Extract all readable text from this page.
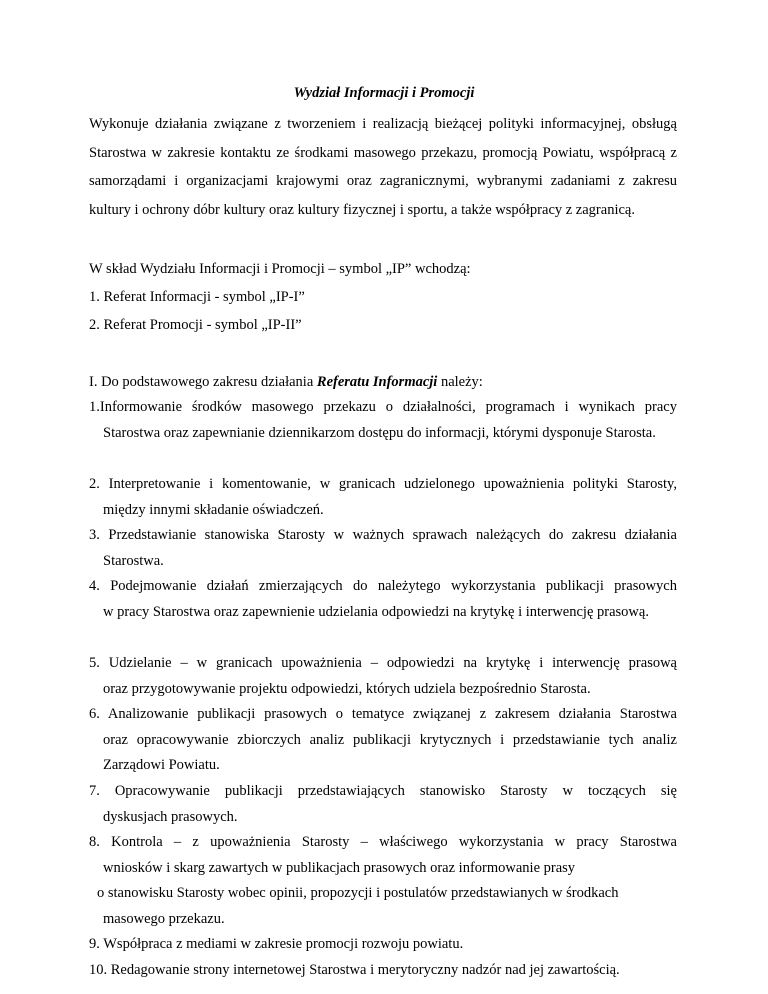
Wydział Informacji i Promocji
Wykonuje działania związane z tworzeniem i realizacją bieżącej polityki informacyjnej, obsługą Starostwa w zakresie kontaktu ze środkami masowego przekazu, promocją Powiatu, współpracą z samorządami i organizacjami krajowymi oraz zagranicznymi, wybranymi zadaniami z zakresu kultury i ochrony dóbr kultury oraz kultury fizycznej i sportu, a także współpracy z zagranicą.
W skład Wydziału Informacji i Promocji – symbol „IP” wchodzą:
1. Referat Informacji - symbol „IP-I”
2. Referat Promocji - symbol „IP-II”
I. Do podstawowego zakresu działania Referatu Informacji należy:
1.Informowanie środków masowego przekazu o działalności, programach i wynikach pracy
Starostwa oraz zapewnianie dziennikarzom dostępu do informacji, którymi dysponuje Starosta.
2. Interpretowanie i komentowanie, w granicach udzielonego upoważnienia polityki Starosty,
między innymi składanie oświadczeń.
3. Przedstawianie stanowiska Starosty w ważnych sprawach należących do zakresu działania
Starostwa.
4. Podejmowanie działań zmierzających do należytego wykorzystania publikacji prasowych
w pracy Starostwa oraz zapewnienie udzielania odpowiedzi na krytykę i interwencję prasową.
5. Udzielanie – w granicach upoważnienia – odpowiedzi na krytykę i interwencję prasową
oraz przygotowywanie projektu odpowiedzi, których udziela bezpośrednio Starosta.
6. Analizowanie publikacji prasowych o tematyce związanej z zakresem działania Starostwa
oraz opracowywanie zbiorczych analiz publikacji krytycznych i przedstawianie tych analiz Zarządowi Powiatu.
7. Opracowywanie publikacji przedstawiających stanowisko Starosty w toczących się
dyskusjach prasowych.
8. Kontrola – z upoważnienia Starosty – właściwego wykorzystania w pracy Starostwa
wniosków i skarg zawartych w publikacjach prasowych oraz informowanie prasy
o stanowisku Starosty wobec opinii, propozycji i postulatów przedstawianych w środkach
masowego przekazu.
9. Współpraca z mediami w zakresie promocji rozwoju powiatu.
10. Redagowanie strony internetowej Starostwa i merytoryczny nadzór nad jej zawartością.
